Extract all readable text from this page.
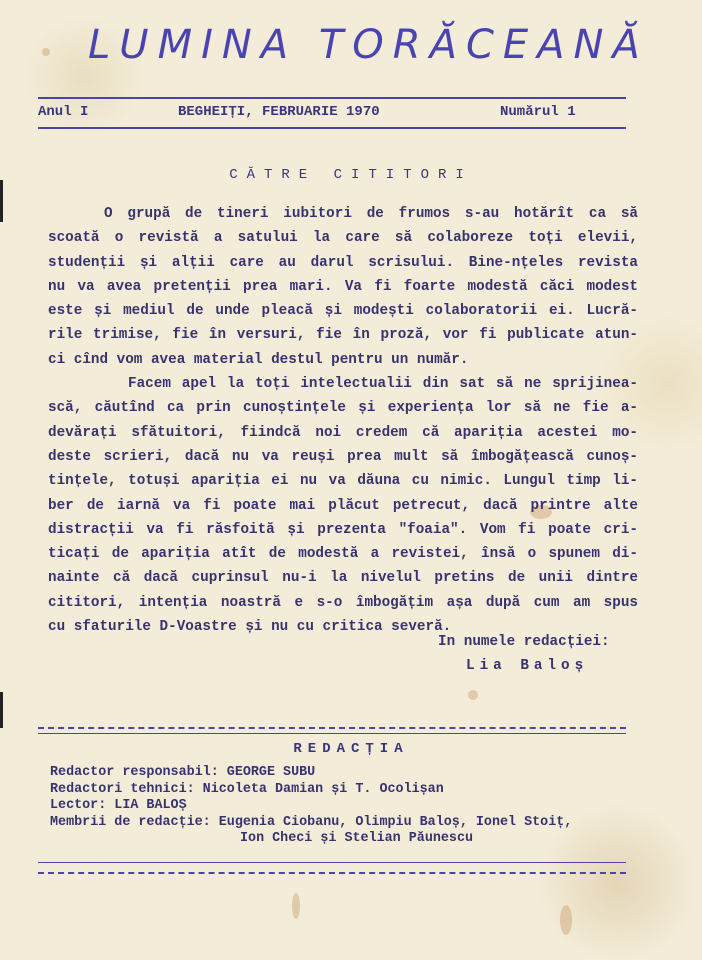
LUMINA TORĂCEANĂ
Anul I	BEGHEIȚI, FEBRUARIE 1970	Numărul 1
CĂTRE CITITORI
O grupă de tineri iubitori de frumos s-au hotărît ca să
scoată o revistă a satului la care să colaboreze toți elevii,
studenții și alții care au darul scrisului. Bine-nțeles revista
nu va avea pretenții prea mari. Va fi foarte modestă căci modest
este și mediul de unde pleacă și modești colaboratorii ei. Lucră-
rile trimise, fie în versuri, fie în proză, vor fi publicate atun-
ci cînd vom avea material destul pentru un număr.
Facem apel la toți intelectualii din sat să ne sprijinea-
scă, căutînd ca prin cunoștințele și experiența lor să ne fie a-
devărați sfătuitori, fiindcă noi credem că apariția acestei mo-
deste scrieri, dacă nu va reuși prea mult să îmbogățească cunoș-
tințele, totuși apariția ei nu va dăuna cu nimic. Lungul timp li-
ber de iarnă va fi poate mai plăcut petrecut, dacă printre alte
distracții va fi răsfoită și prezenta "foaia". Vom fi poate cri-
ticați de apariția atît de modestă a revistei, însă o spunem di-
nainte că dacă cuprinsul nu-i la nivelul pretins de unii dintre
cititori, intenția noastră e s-o îmbogățim așa după cum am spus
cu sfaturile D-Voastre și nu cu critica severă.
In numele redacției:
Lia Baloș
REDACȚIA
Redactor responsabil: GEORGE SUBU
Redactori tehnici: Nicoleta Damian și T. Ocolișan
Lector: LIA BALOȘ
Membrii de redacție: Eugenia Ciobanu, Olimpiu Baloș, Ionel Stoiț,
Ion Checi și Stelian Păunescu
